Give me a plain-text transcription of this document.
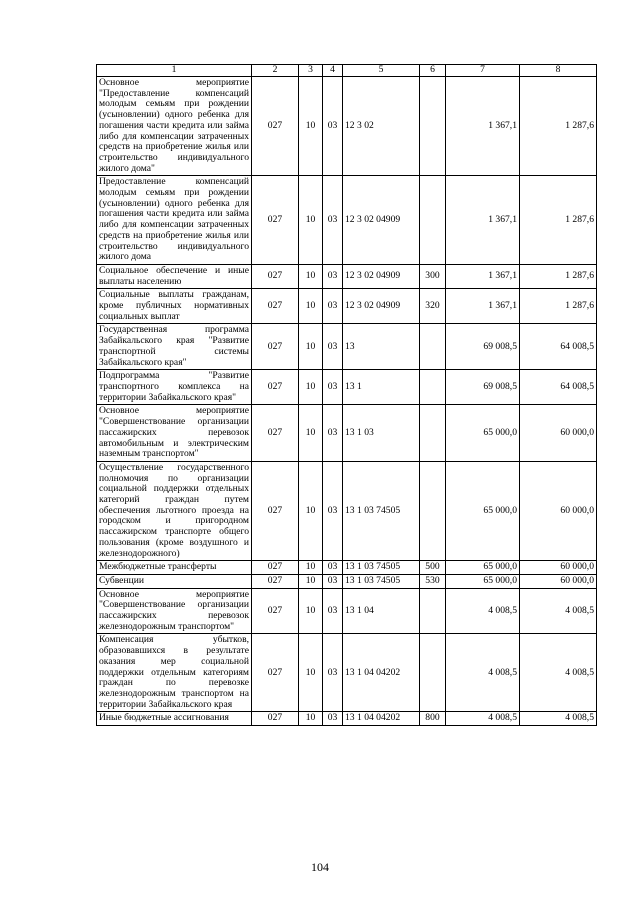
1	2	3	4	5	6	7	8
Основное мероприятие "Предоставление компенсаций молодым семьям при рождении (усыновлении) одного ребенка для погашения части кредита или займа либо для компенсации затраченных средств на приобретение жилья или строительство индивидуального жилого дома"	027	10	03	12 3 02		1 367,1	1 287,6
Предоставление компенсаций молодым семьям при рождении (усыновлении) одного ребенка для погашения части кредита или займа либо для компенсации затраченных средств на приобретение жилья или строительство индивидуального жилого дома	027	10	03	12 3 02 04909		1 367,1	1 287,6
Социальное обеспечение и иные выплаты населению	027	10	03	12 3 02 04909	300	1 367,1	1 287,6
Социальные выплаты гражданам, кроме публичных нормативных социальных выплат	027	10	03	12 3 02 04909	320	1 367,1	1 287,6
Государственная программа Забайкальского края "Развитие транспортной системы Забайкальского края"	027	10	03	13		69 008,5	64 008,5
Подпрограмма "Развитие транспортного комплекса на территории Забайкальского края"	027	10	03	13 1		69 008,5	64 008,5
Основное мероприятие "Совершенствование организации пассажирских перевозок автомобильным и электрическим наземным транспортом"	027	10	03	13 1 03		65 000,0	60 000,0
Осуществление государственного полномочия по организации социальной поддержки отдельных категорий граждан путем обеспечения льготного проезда на городском и пригородном пассажирском транспорте общего пользования (кроме воздушного и железнодорожного)	027	10	03	13 1 03 74505		65 000,0	60 000,0
Межбюджетные трансферты	027	10	03	13 1 03 74505	500	65 000,0	60 000,0
Субвенции	027	10	03	13 1 03 74505	530	65 000,0	60 000,0
Основное мероприятие "Совершенствование организации пассажирских перевозок железнодорожным транспортом"	027	10	03	13 1 04		4 008,5	4 008,5
Компенсация убытков, образовавшихся в результате оказания мер социальной поддержки отдельным категориям граждан по перевозке железнодорожным транспортом на территории Забайкальского края	027	10	03	13 1 04 04202		4 008,5	4 008,5
Иные бюджетные ассигнования	027	10	03	13 1 04 04202	800	4 008,5	4 008,5
104
